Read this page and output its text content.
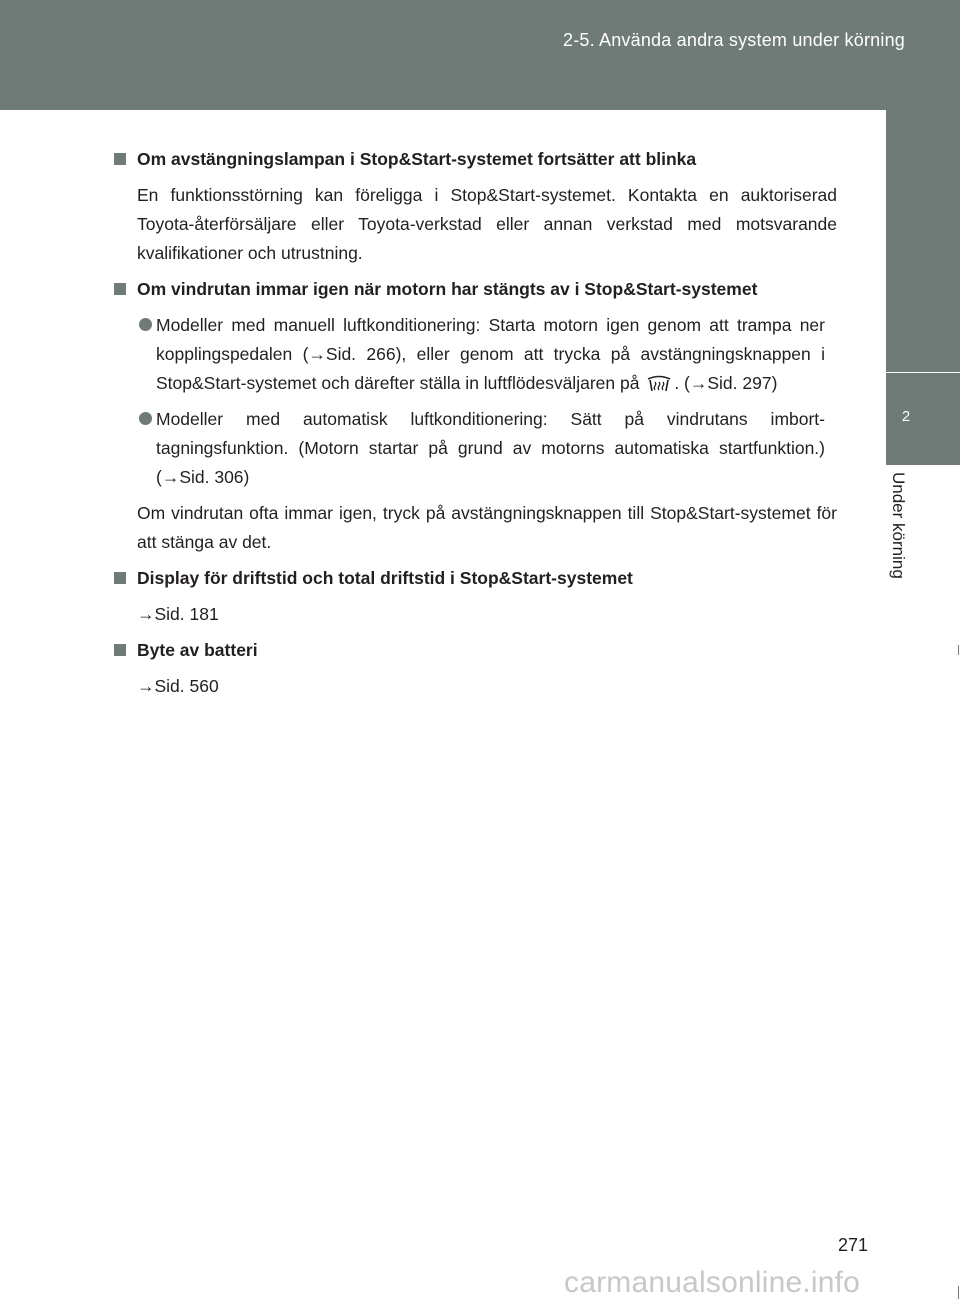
2-5. Använda andra system under körning
2
Under körning
Om avstängningslampan i Stop&Start-systemet fortsätter att blinka
En funktionsstörning kan föreligga i Stop&Start-systemet. Kontakta en auktoriserad Toyota-återförsäljare eller Toyota-verkstad eller annan verkstad med motsvarande kvalifikationer och utrustning.
Om vindrutan immar igen när motorn har stängts av i Stop&Start-systemet
Modeller med manuell luftkonditionering: Starta motorn igen genom att trampa ner kopplingspedalen (→Sid. 266), eller genom att trycka på avstängningsknappen i Stop&Start-systemet och därefter ställa in luftflödesväljaren på . (→Sid. 297)
Modeller med automatisk luftkonditionering: Sätt på vindrutans imborttagningsfunktion. (Motorn startar på grund av motorns automatiska startfunktion.) (→Sid. 306)
Om vindrutan ofta immar igen, tryck på avstängningsknappen till Stop&Start-systemet för att stänga av det.
Display för driftstid och total driftstid i Stop&Start-systemet
→Sid. 181
Byte av batteri
→Sid. 560
271
carmanualsonline.info
